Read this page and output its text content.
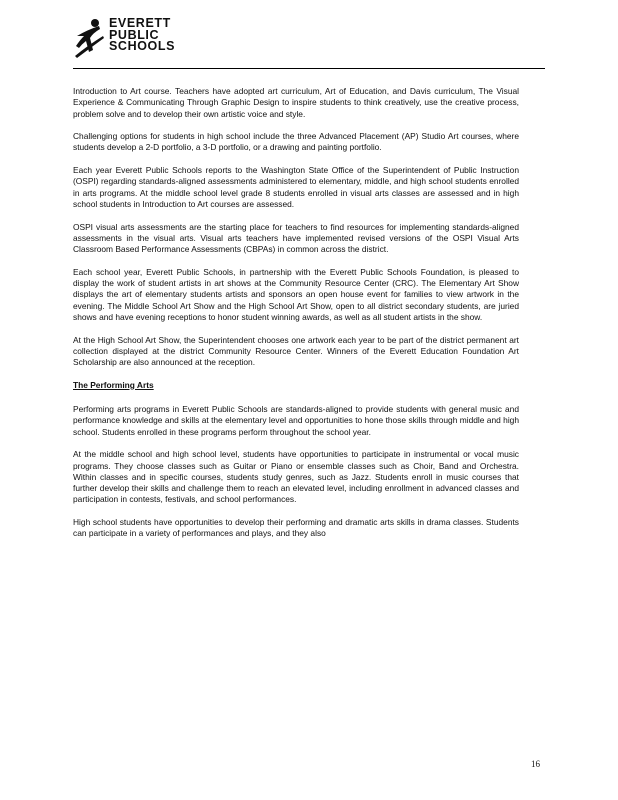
EVERETT
PUBLIC
SCHOOLS

Introduction to Art course. Teachers have adopted art curriculum, Art of Education, and Davis curriculum, The Visual Experience & Communicating Through Graphic Design to inspire students to think creatively, use the creative process, problem solve and to develop their own artistic voice and style.

Challenging options for students in high school include the three Advanced Placement (AP) Studio Art courses, where students develop a 2-D portfolio, a 3-D portfolio, or a drawing and painting portfolio.

Each year Everett Public Schools reports to the Washington State Office of the Superintendent of Public Instruction (OSPI) regarding standards-aligned assessments administered to elementary, middle, and high school students enrolled in arts programs. At the middle school level grade 8 students enrolled in visual arts classes are assessed and in high school students in Introduction to Art courses are assessed.

OSPI visual arts assessments are the starting place for teachers to find resources for implementing standards-aligned assessments in the visual arts. Visual arts teachers have implemented revised versions of the OSPI Visual Arts Classroom Based Performance Assessments (CBPAs) in common across the district.

Each school year, Everett Public Schools, in partnership with the Everett Public Schools Foundation, is pleased to display the work of student artists in art shows at the Community Resource Center (CRC). The Elementary Art Show displays the art of elementary students artists and sponsors an open house event for families to view artwork in the evening. The Middle School Art Show and the High School Art Show, open to all district secondary students, are juried shows and have evening receptions to honor student winning awards, as well as all student artists in the show.

At the High School Art Show, the Superintendent chooses one artwork each year to be part of the district permanent art collection displayed at the district Community Resource Center. Winners of the Everett Education Foundation Art Scholarship are also announced at the reception.

The Performing Arts

Performing arts programs in Everett Public Schools are standards-aligned to provide students with general music and performance knowledge and skills at the elementary level and opportunities to hone those skills through middle and high school. Students enrolled in these programs perform throughout the school year.

At the middle school and high school level, students have opportunities to participate in instrumental or vocal music programs. They choose classes such as Guitar or Piano or ensemble classes such as Choir, Band and Orchestra. Within classes and in specific courses, students study genres, such as Jazz. Students enroll in music courses that further develop their skills and challenge them to reach an elevated level, including enrollment in advanced classes and participation in contests, festivals, and school performances.

High school students have opportunities to develop their performing and dramatic arts skills in drama classes. Students can participate in a variety of performances and plays, and they also

16
